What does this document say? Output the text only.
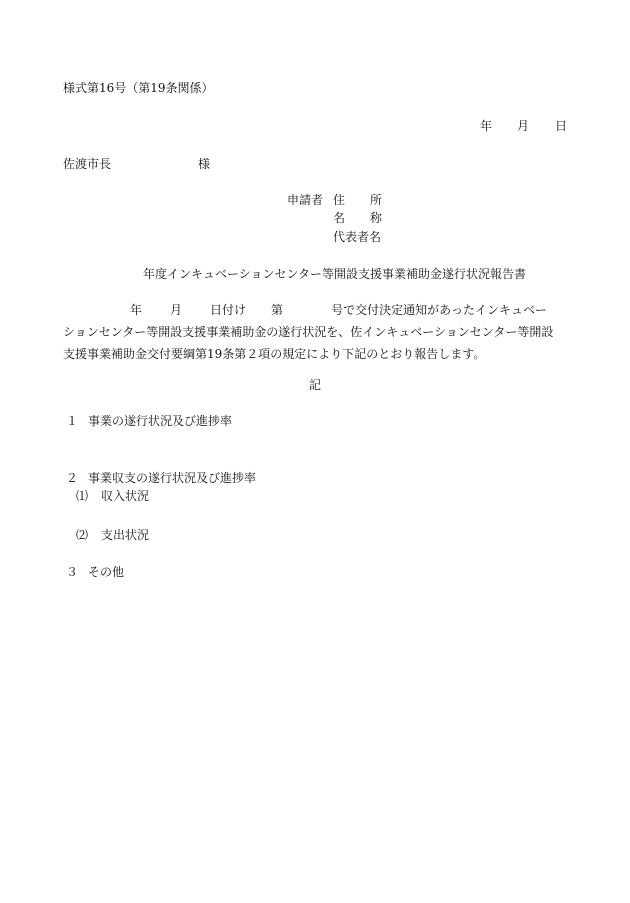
様式第16号（第19条関係）
年 月 日
佐渡市長	様
申請者 住 所
名 称
代表者名
年度インキュベーションセンター等開設支援事業補助金遂行状況報告書
年 月 日付け 第	号で交付決定通知があったインキュベー
ションセンター等開設支援事業補助金の遂行状況を、佐インキュベーションセンター等開設
支援事業補助金交付要綱第19条第２項の規定により下記のとおり報告します。
記
１ 事業の遂行状況及び進捗率
２ 事業収支の遂行状況及び進捗率
⑴ 収入状況
⑵ 支出状況
３ その他
